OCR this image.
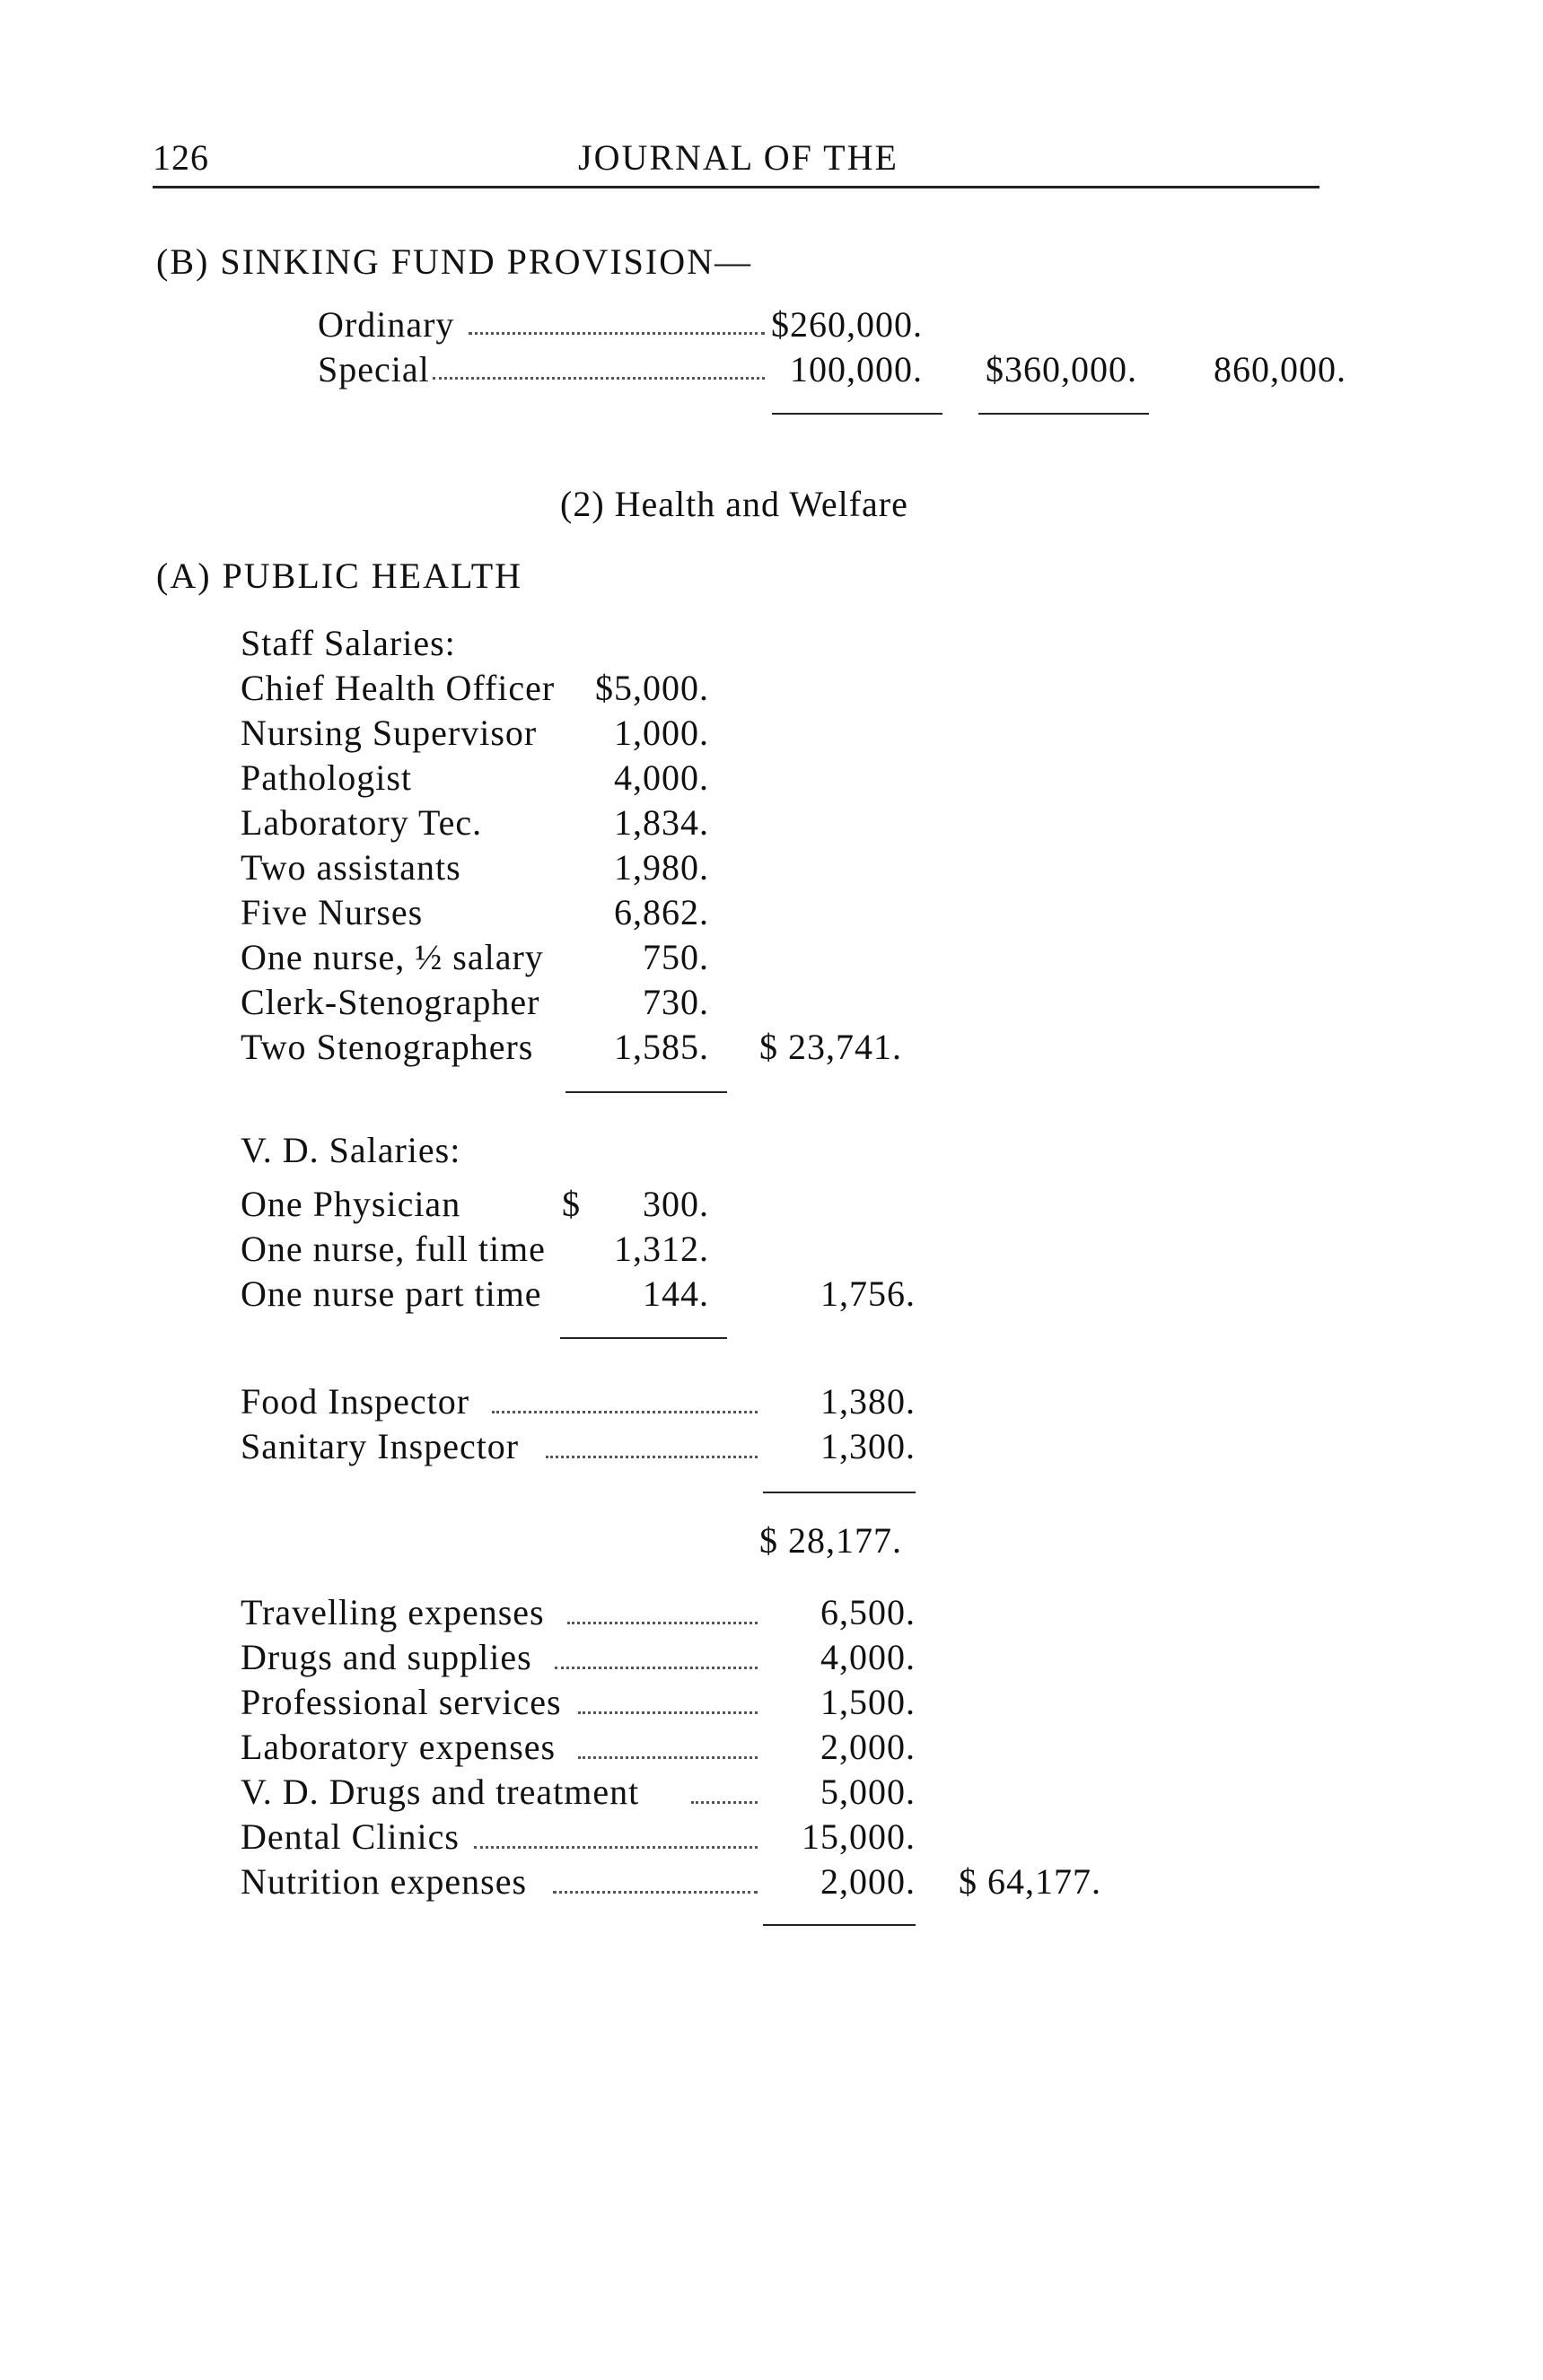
126	JOURNAL OF THE
(B) SINKING FUND PROVISION—
Ordinary	$260,000.
Special	100,000. $360,000. 860,000.
(2) Health and Welfare
(A) PUBLIC HEALTH
Staff Salaries:
Chief Health Officer	$5,000.
Nursing Supervisor	1,000.
Pathologist	4,000.
Laboratory Tec.	1,834.
Two assistants	1,980.
Five Nurses	6,862.
One nurse, ½ salary	750.
Clerk-Stenographer	730.
Two Stenographers	1,585. $ 23,741.
V. D. Salaries:
One Physician	$	300.
One nurse, full time	1,312.
One nurse part time	144.	1,756.
Food Inspector	1,380.
Sanitary Inspector	1,300.
$ 28,177.
Travelling expenses	6,500.
Drugs and supplies	4,000.
Professional services	1,500.
Laboratory expenses	2,000.
V. D. Drugs and treatment	5,000.
Dental Clinics	15,000.
Nutrition expenses	2,000. $ 64,177.
